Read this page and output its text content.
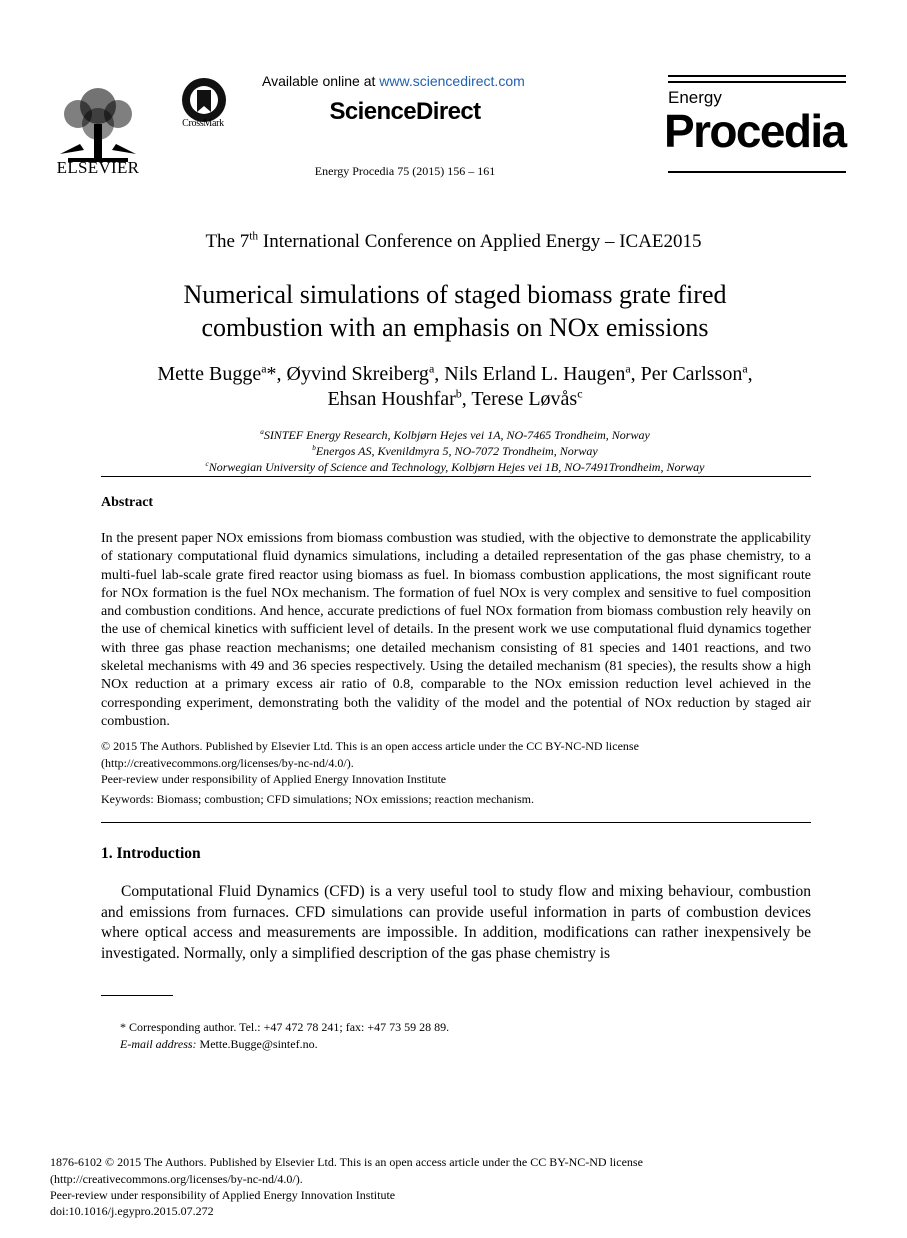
ELSEVIER
CrossMark
Available online at www.sciencedirect.com
ScienceDirect
Energy Procedia 75 (2015) 156 – 161
Energy
Procedia
The 7th International Conference on Applied Energy – ICAE2015
Numerical simulations of staged biomass grate fired
combustion with an emphasis on NOx emissions
Mette Bugge$^a$*, Øyvind Skreiberg$^a$, Nils Erland L. Haugen$^a$, Per Carlsson$^a$,
Ehsan Houshfar$^b$, Terese Løvås$^c$
$^a$SINTEF Energy Research, Kolbjørn Hejes vei 1A, NO-7465 Trondheim, Norway
$^b$Energos AS, Kvenildmyra 5, NO-7072 Trondheim, Norway
$^c$Norwegian University of Science and Technology, Kolbjørn Hejes vei 1B, NO-7491Trondheim, Norway
Abstract
In the present paper NOx emissions from biomass combustion was studied, with the objective to demonstrate the applicability of stationary computational fluid dynamics simulations, including a detailed representation of the gas phase chemistry, to a multi-fuel lab-scale grate fired reactor using biomass as fuel. In biomass combustion applications, the most significant route for NOx formation is the fuel NOx mechanism. The formation of fuel NOx is very complex and sensitive to fuel composition and combustion conditions. And hence, accurate predictions of fuel NOx formation from biomass combustion rely heavily on the use of chemical kinetics with sufficient level of details. In the present work we use computational fluid dynamics together with three gas phase reaction mechanisms; one detailed mechanism consisting of 81 species and 1401 reactions, and two skeletal mechanisms with 49 and 36 species respectively. Using the detailed mechanism (81 species), the results show a high NOx reduction at a primary excess air ratio of 0.8, comparable to the NOx emission reduction level achieved in the corresponding experiment, demonstrating both the validity of the model and the potential of NOx reduction by staged air combustion.
© 2015 The Authors. Published by Elsevier Ltd. This is an open access article under the CC BY-NC-ND license
(http://creativecommons.org/licenses/by-nc-nd/4.0/).
Peer-review under responsibility of Applied Energy Innovation Institute
Keywords: Biomass; combustion; CFD simulations; NOx emissions; reaction mechanism.
1. Introduction
Computational Fluid Dynamics (CFD) is a very useful tool to study flow and mixing behaviour, combustion and emissions from furnaces. CFD simulations can provide useful information in parts of combustion devices where optical access and measurements are impossible. In addition, modifications can rather inexpensively be investigated. Normally, only a simplified description of the gas phase chemistry is
* Corresponding author. Tel.: +47 472 78 241; fax: +47 73 59 28 89.
E-mail address: Mette.Bugge@sintef.no.
1876-6102 © 2015 The Authors. Published by Elsevier Ltd. This is an open access article under the CC BY-NC-ND license
(http://creativecommons.org/licenses/by-nc-nd/4.0/).
Peer-review under responsibility of Applied Energy Innovation Institute
doi:10.1016/j.egypro.2015.07.272
